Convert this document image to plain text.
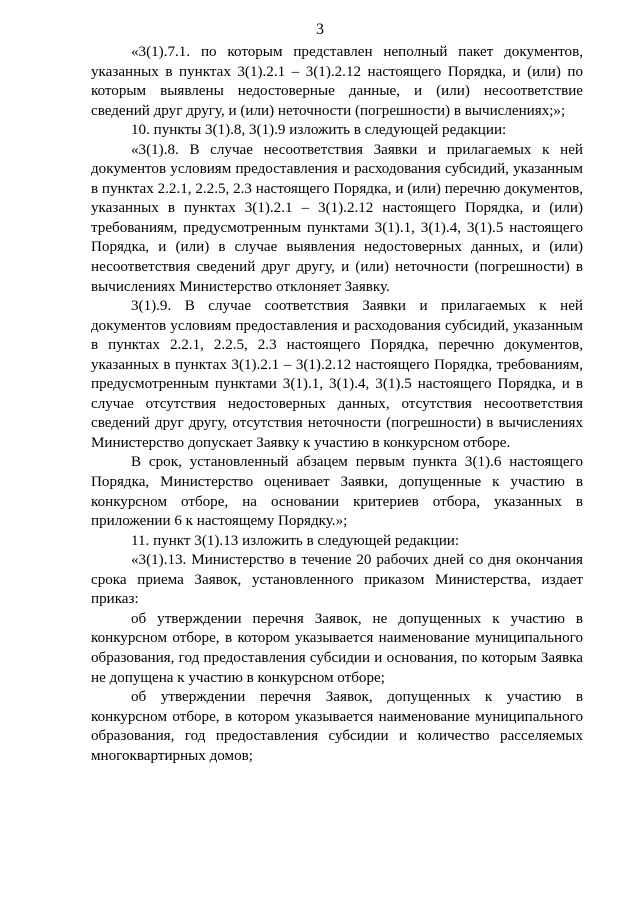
3

«3(1).7.1. по которым представлен неполный пакет документов, указанных в пунктах 3(1).2.1 – 3(1).2.12 настоящего Порядка, и (или) по которым выявлены недостоверные данные, и (или) несоответствие сведений друг другу, и (или) неточности (погрешности) в вычислениях;»;

10. пункты 3(1).8, 3(1).9 изложить в следующей редакции:

«3(1).8. В случае несоответствия Заявки и прилагаемых к ней документов условиям предоставления и расходования субсидий, указанным в пунктах 2.2.1, 2.2.5, 2.3 настоящего Порядка, и (или) перечню документов, указанных в пунктах 3(1).2.1 – 3(1).2.12 настоящего Порядка, и (или) требованиям, предусмотренным пунктами 3(1).1, 3(1).4, 3(1).5 настоящего Порядка, и (или) в случае выявления недостоверных данных, и (или) несоответствия сведений друг другу, и (или) неточности (погрешности) в вычислениях Министерство отклоняет Заявку.

3(1).9. В случае соответствия Заявки и прилагаемых к ней документов условиям предоставления и расходования субсидий, указанным в пунктах 2.2.1, 2.2.5, 2.3 настоящего Порядка, перечню документов, указанных в пунктах 3(1).2.1 – 3(1).2.12 настоящего Порядка, требованиям, предусмотренным пунктами 3(1).1, 3(1).4, 3(1).5 настоящего Порядка, и в случае отсутствия недостоверных данных, отсутствия несоответствия сведений друг другу, отсутствия неточности (погрешности) в вычислениях Министерство допускает Заявку к участию в конкурсном отборе.

В срок, установленный абзацем первым пункта 3(1).6 настоящего Порядка, Министерство оценивает Заявки, допущенные к участию в конкурсном отборе, на основании критериев отбора, указанных в приложении 6 к настоящему Порядку.»;

11. пункт 3(1).13 изложить в следующей редакции:

«3(1).13. Министерство в течение 20 рабочих дней со дня окончания срока приема Заявок, установленного приказом Министерства, издает приказ:

об утверждении перечня Заявок, не допущенных к участию в конкурсном отборе, в котором указывается наименование муниципального образования, год предоставления субсидии и основания, по которым Заявка не допущена к участию в конкурсном отборе;

об утверждении перечня Заявок, допущенных к участию в конкурсном отборе, в котором указывается наименование муниципального образования, год предоставления субсидии и количество расселяемых многоквартирных домов;
